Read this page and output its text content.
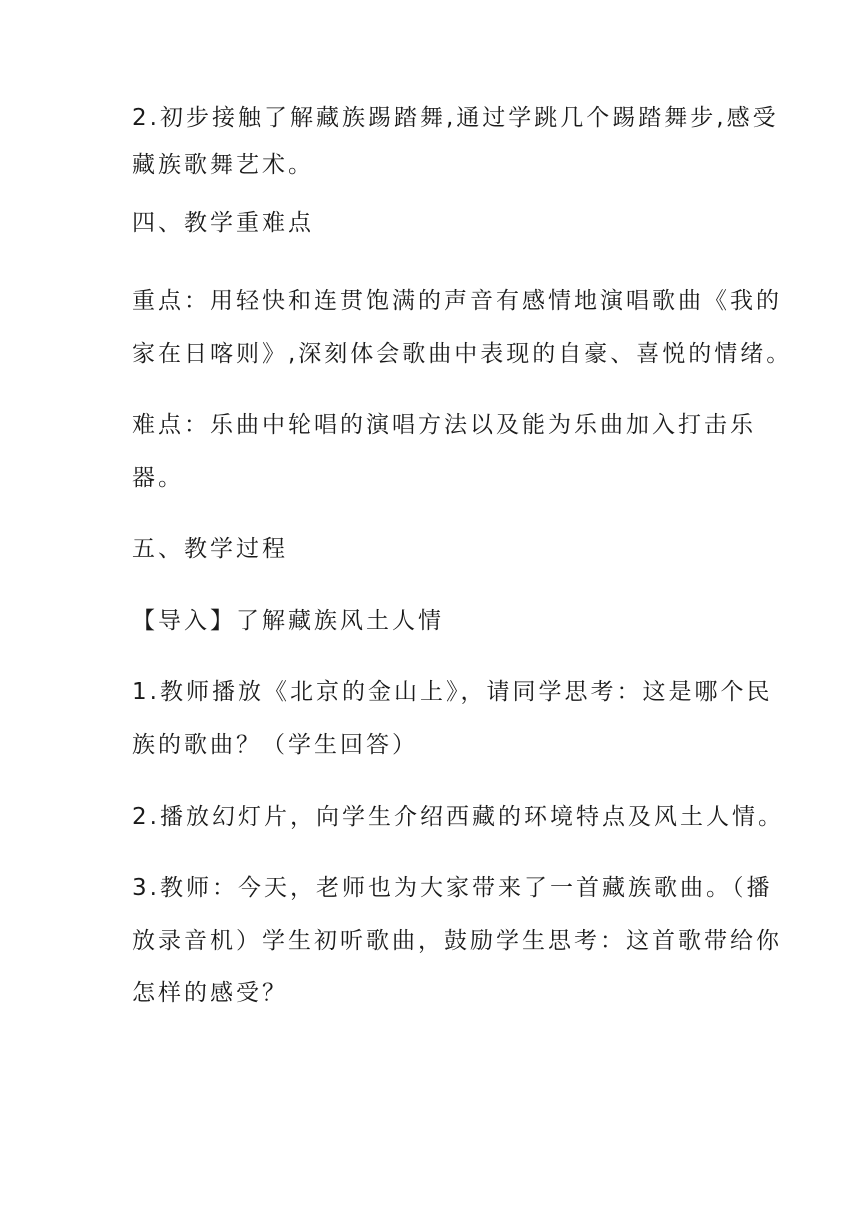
2.初步接触了解藏族踢踏舞,通过学跳几个踢踏舞步,感受
藏族歌舞艺术。
四、教学重难点
重点：用轻快和连贯饱满的声音有感情地演唱歌曲《我的
家在日喀则》,深刻体会歌曲中表现的自豪、喜悦的情绪。
难点：乐曲中轮唱的演唱方法以及能为乐曲加入打击乐
器。
五、教学过程
【导入】了解藏族风土人情
1.教师播放《北京的金山上》，请同学思考：这是哪个民
族的歌曲？（学生回答）
2.播放幻灯片，向学生介绍西藏的环境特点及风土人情。
3.教师：今天，老师也为大家带来了一首藏族歌曲。（播
放录音机）学生初听歌曲，鼓励学生思考：这首歌带给你
怎样的感受？
